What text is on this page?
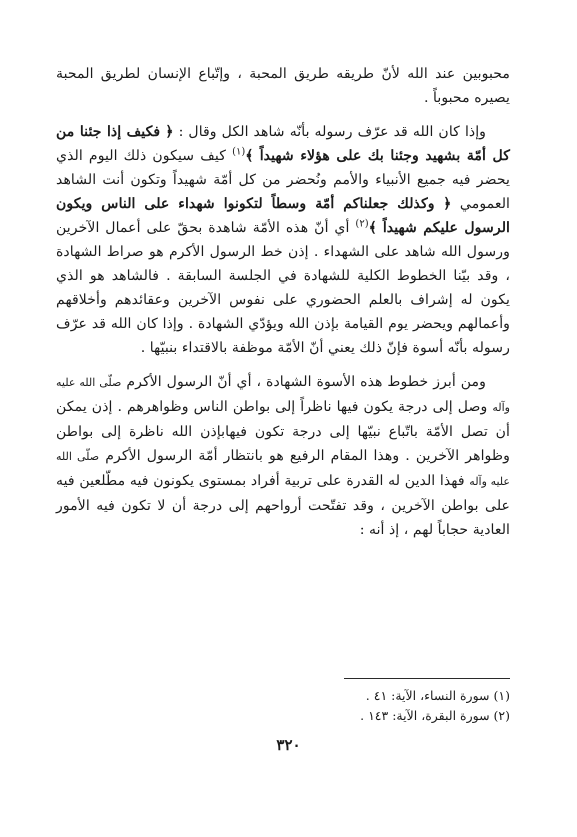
محبوبين عند الله لأنّ طريقه طريق المحبة ، وإتّباع الإنسان لطريق المحبة يصيره محبوباً .

وإذا كان الله قد عرّف رسوله بأنّه شاهد الكل وقال : ﴿ فكيف إذا جئنا من كل أمّة بشهيد وجئنا بك على هؤلاء شهيداً ﴾$^{(١)}$ كيف سيكون ذلك اليوم الذي يحضر فيه جميع الأنبياء والأمم ونُحضر من كل أمّة شهيداً وتكون أنت الشاهد العمومي ﴿ وكذلك جعلناكم أمّة وسطاً لتكونوا شهداء على الناس ويكون الرسول عليكم شهيداً ﴾$^{(٢)}$ أي أنّ هذه الأمّة شاهدة بحقّ على أعمال الآخرين ورسول الله شاهد على الشهداء . إذن خط الرسول الأكرم هو صراط الشهادة ، وقد بيّنا الخطوط الكلية للشهادة في الجلسة السابقة . فالشاهد هو الذي يكون له إشراف بالعلم الحضوري على نفوس الآخرين وعقائدهم وأخلاقهم وأعمالهم ويحضر يوم القيامة بإذن الله ويؤدّي الشهادة . وإذا كان الله قد عرّف رسوله بأنّه أسوة فإنّ ذلك يعني أنّ الأمّة موظفة بالاقتداء بنبيّها .

ومن أبرز خطوط هذه الأسوة الشهادة ، أي أنّ الرسول الأكرم صلّى الله عليه وآله وصل إلى درجة يكون فيها ناظراً إلى بواطن الناس وظواهرهم . إذن يمكن أن تصل الأمّة باتّباع نبيّها إلى درجة تكون فيهابإذن الله ناظرة إلى بواطن وظواهر الآخرين . وهذا المقام الرفيع هو بانتظار أمّة الرسول الأكرم صلّى الله عليه وآله فهذا الدين له القدرة على تربية أفراد بمستوى يكونون فيه مطّلعين فيه على بواطن الآخرين ، وقد تفتّحت أرواحهم إلى درجة أن لا تكون فيه الأمور العادية حجاباً لهم ، إذ أنه :

(١) سورة النساء، الآية: ٤١ .

(٢) سورة البقرة، الآية: ١٤٣ .

٣٢٠
